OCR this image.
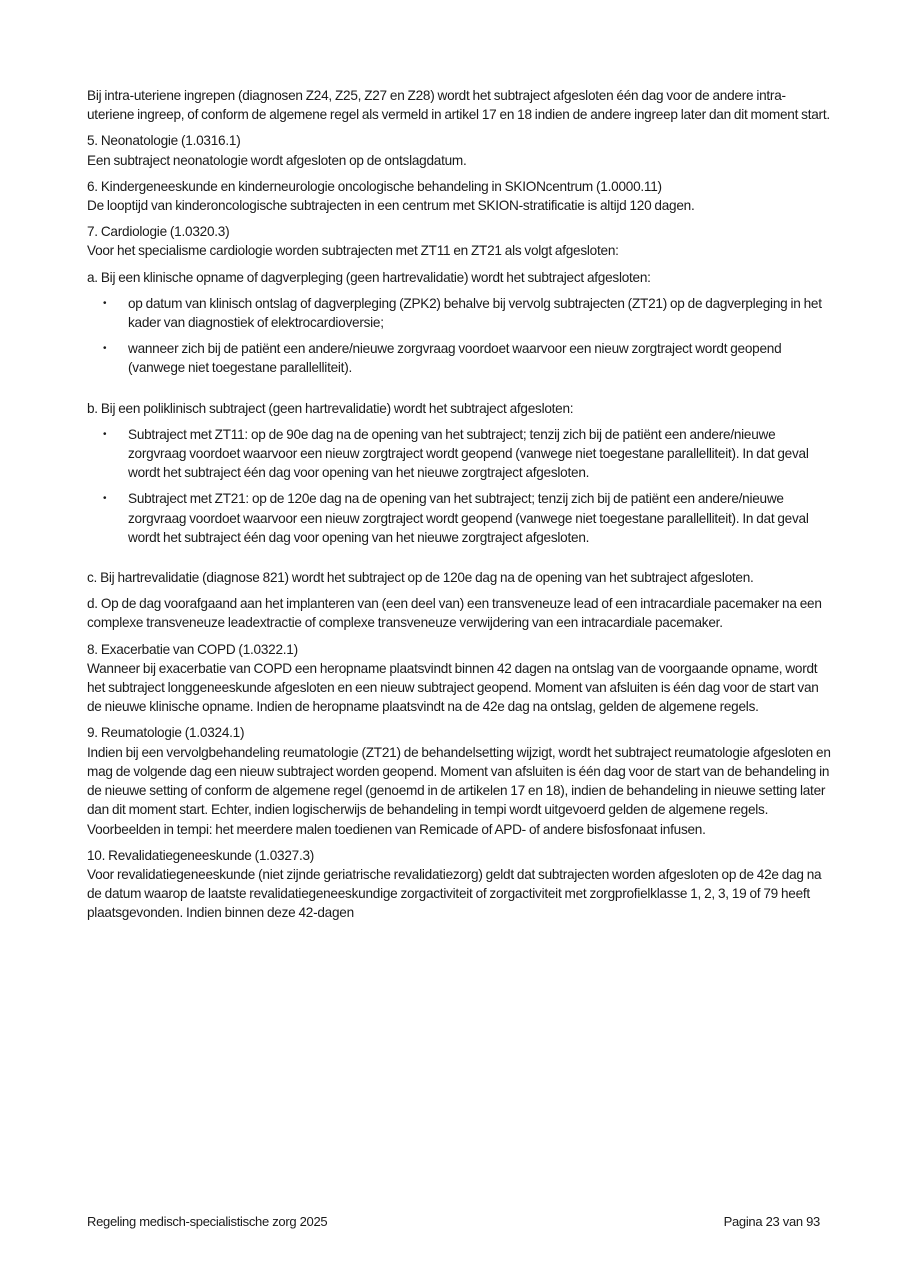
Bij intra-uteriene ingrepen (diagnosen Z24, Z25, Z27 en Z28) wordt het subtraject afgesloten één dag voor de andere intra-uteriene ingreep, of conform de algemene regel als vermeld in artikel 17 en 18 indien de andere ingreep later dan dit moment start.

5. Neonatologie (1.0316.1)
Een subtraject neonatologie wordt afgesloten op de ontslagdatum.
6. Kindergeneeskunde en kinderneurologie oncologische behandeling in SKIONcentrum (1.0000.11)
De looptijd van kinderoncologische subtrajecten in een centrum met SKION-stratificatie is altijd 120 dagen.
7. Cardiologie (1.0320.3)
Voor het specialisme cardiologie worden subtrajecten met ZT11 en ZT21 als volgt afgesloten:

a. Bij een klinische opname of dagverpleging (geen hartrevalidatie) wordt het subtraject afgesloten:

• op datum van klinisch ontslag of dagverpleging (ZPK2) behalve bij vervolg subtrajecten (ZT21) op de dagverpleging in het kader van diagnostiek of elektrocardioversie;
• wanneer zich bij de patiënt een andere/nieuwe zorgvraag voordoet waarvoor een nieuw zorgtraject wordt geopend (vanwege niet toegestane parallelliteit).

b. Bij een poliklinisch subtraject (geen hartrevalidatie) wordt het subtraject afgesloten:

• Subtraject met ZT11: op de 90e dag na de opening van het subtraject; tenzij zich bij de patiënt een andere/nieuwe zorgvraag voordoet waarvoor een nieuw zorgtraject wordt geopend (vanwege niet toegestane parallelliteit). In dat geval wordt het subtraject één dag voor opening van het nieuwe zorgtraject afgesloten.
• Subtraject met ZT21: op de 120e dag na de opening van het subtraject; tenzij zich bij de patiënt een andere/nieuwe zorgvraag voordoet waarvoor een nieuw zorgtraject wordt geopend (vanwege niet toegestane parallelliteit). In dat geval wordt het subtraject één dag voor opening van het nieuwe zorgtraject afgesloten.

c. Bij hartrevalidatie (diagnose 821) wordt het subtraject op de 120e dag na de opening van het subtraject afgesloten.

d. Op de dag voorafgaand aan het implanteren van (een deel van) een transveneuze lead of een intracardiale pacemaker na een complexe transveneuze leadextractie of complexe transveneuze verwijdering van een intracardiale pacemaker.

8. Exacerbatie van COPD (1.0322.1)
Wanneer bij exacerbatie van COPD een heropname plaatsvindt binnen 42 dagen na ontslag van de voorgaande opname, wordt het subtraject longgeneeskunde afgesloten en een nieuw subtraject geopend. Moment van afsluiten is één dag voor de start van de nieuwe klinische opname. Indien de heropname plaatsvindt na de 42e dag na ontslag, gelden de algemene regels.
9. Reumatologie (1.0324.1)
Indien bij een vervolgbehandeling reumatologie (ZT21) de behandelsetting wijzigt, wordt het subtraject reumatologie afgesloten en mag de volgende dag een nieuw subtraject worden geopend. Moment van afsluiten is één dag voor de start van de behandeling in de nieuwe setting of conform de algemene regel (genoemd in de artikelen 17 en 18), indien de behandeling in nieuwe setting later dan dit moment start. Echter, indien logischerwijs de behandeling in tempi wordt uitgevoerd gelden de algemene regels. Voorbeelden in tempi: het meerdere malen toedienen van Remicade of APD- of andere bisfosfonaat infusen.
10. Revalidatiegeneeskunde (1.0327.3)
Voor revalidatiegeneeskunde (niet zijnde geriatrische revalidatiezorg) geldt dat subtrajecten worden afgesloten op de 42e dag na de datum waarop de laatste revalidatiegeneeskundige zorgactiviteit of zorgactiviteit met zorgprofielklasse 1, 2, 3, 19 of 79 heeft plaatsgevonden. Indien binnen deze 42-dagen
Regeling medisch-specialistische zorg 2025	Pagina 23 van 93
